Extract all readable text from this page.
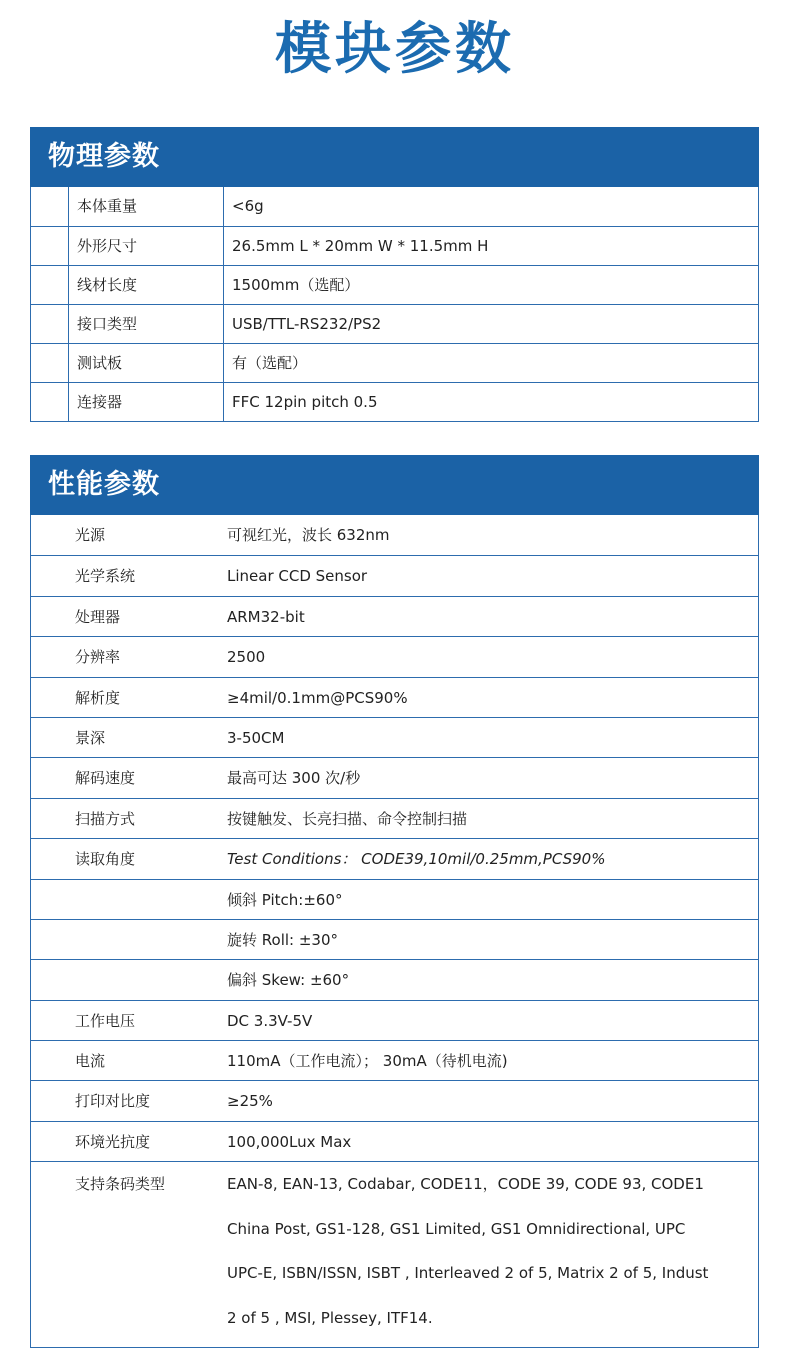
模块参数
物理参数
本体重量	<6g
外形尺寸	26.5mm L * 20mm W * 11.5mm H
线材长度	1500mm（选配）
接口类型	USB/TTL-RS232/PS2
测试板	有（选配）
连接器	FFC 12pin pitch 0.5
性能参数
光源	可视红光，波长 632nm
光学系统	Linear CCD Sensor
处理器	ARM32-bit
分辨率	2500
解析度	≥4mil/0.1mm@PCS90%
景深	3-50CM
解码速度	最高可达 300 次/秒
扫描方式	按键触发、长亮扫描、命令控制扫描
读取角度	Test Conditions： CODE39,10mil/0.25mm,PCS90%
倾斜 Pitch:±60°
旋转 Roll: ±30°
偏斜 Skew: ±60°
工作电压	DC 3.3V-5V
电流	110mA（工作电流）； 30mA（待机电流)
打印对比度	≥25%
环境光抗度	100,000Lux Max
支持条码类型	EAN-8, EAN-13, Codabar, CODE11，CODE 39, CODE 93, CODE1
China Post, GS1-128, GS1 Limited, GS1 Omnidirectional, UPC
UPC-E, ISBN/ISSN, ISBT , Interleaved 2 of 5, Matrix 2 of 5, Indust
2 of 5 , MSI, Plessey, ITF14.
